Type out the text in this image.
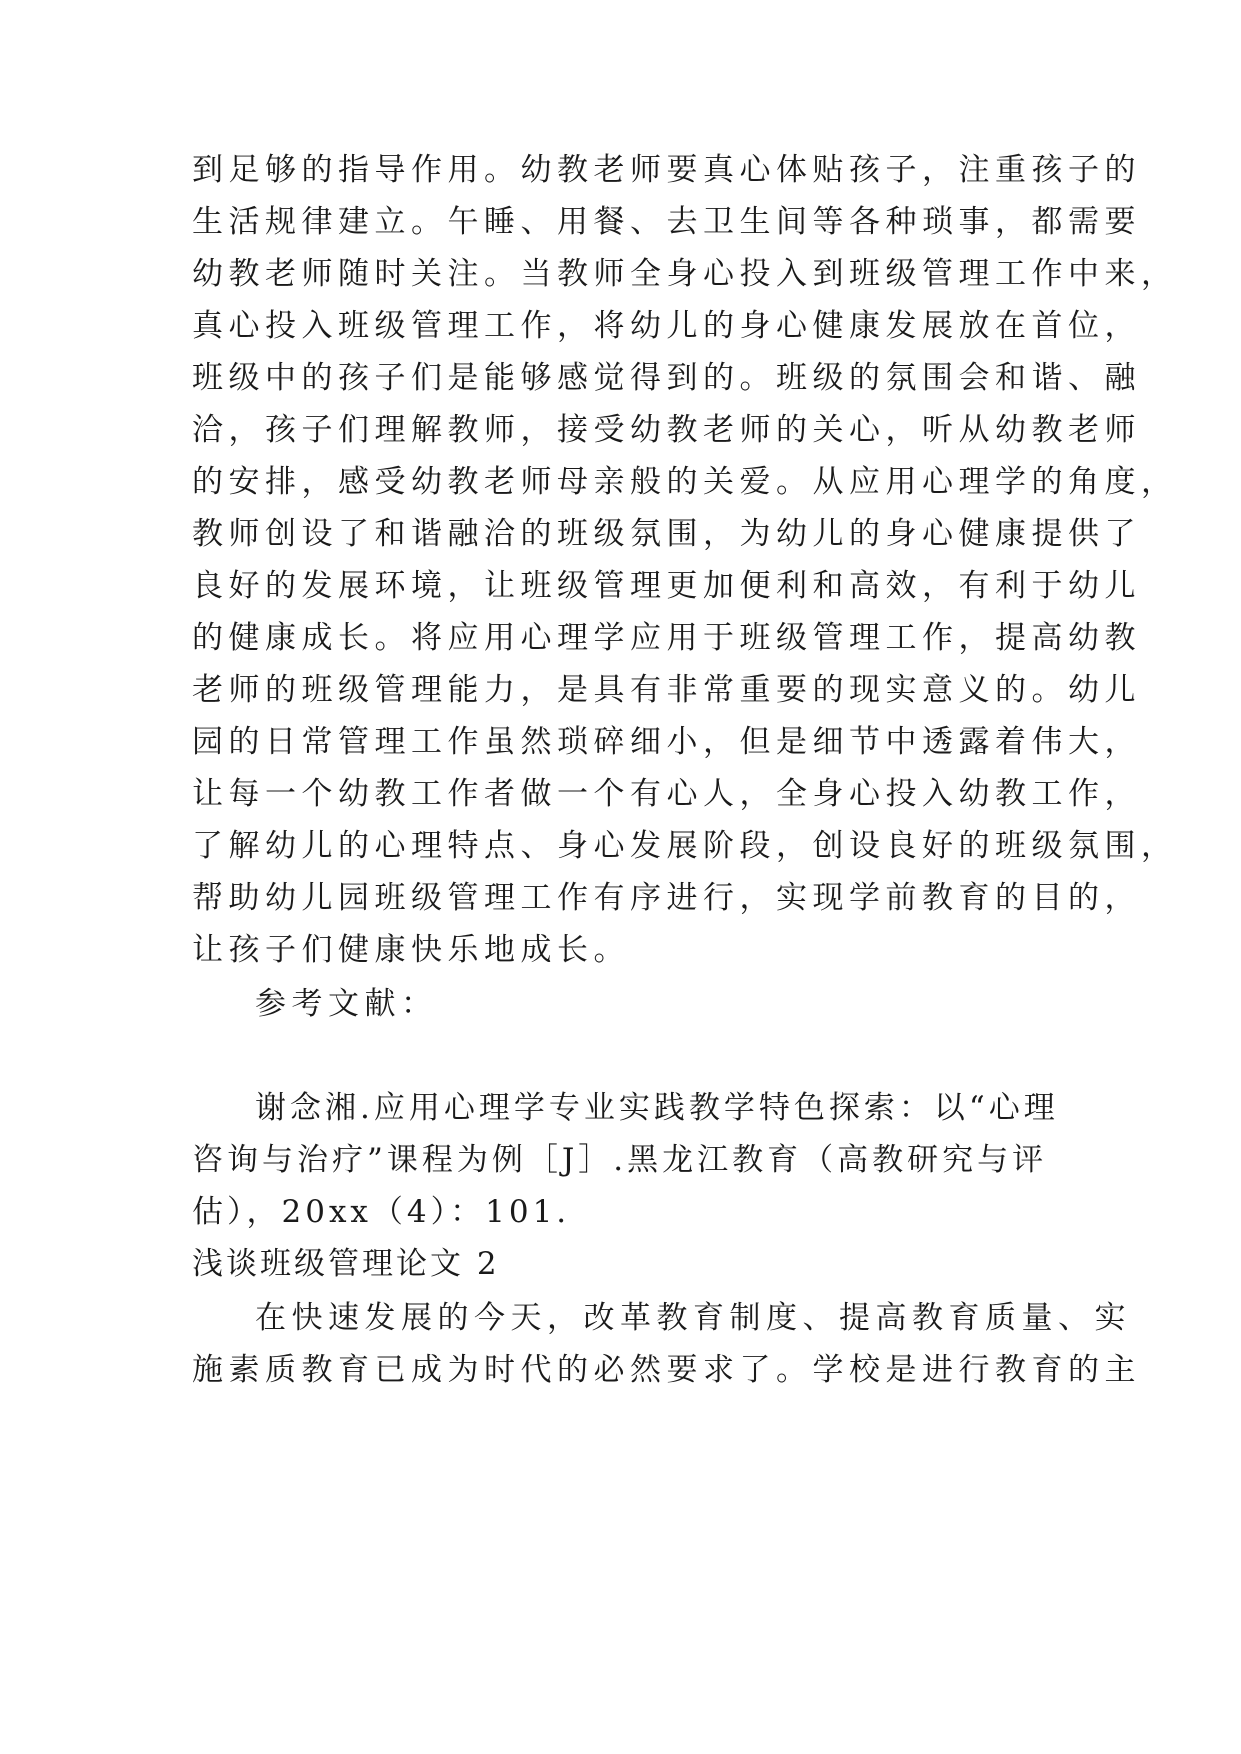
到足够的指导作用。幼教老师要真心体贴孩子，注重孩子的
生活规律建立。午睡、用餐、去卫生间等各种琐事，都需要
幼教老师随时关注。当教师全身心投入到班级管理工作中来，
真心投入班级管理工作，将幼儿的身心健康发展放在首位，
班级中的孩子们是能够感觉得到的。班级的氛围会和谐、融
洽，孩子们理解教师，接受幼教老师的关心，听从幼教老师
的安排，感受幼教老师母亲般的关爱。从应用心理学的角度，
教师创设了和谐融洽的班级氛围，为幼儿的身心健康提供了
良好的发展环境，让班级管理更加便利和高效，有利于幼儿
的健康成长。将应用心理学应用于班级管理工作，提高幼教
老师的班级管理能力，是具有非常重要的现实意义的。幼儿
园的日常管理工作虽然琐碎细小，但是细节中透露着伟大，
让每一个幼教工作者做一个有心人，全身心投入幼教工作，
了解幼儿的心理特点、身心发展阶段，创设良好的班级氛围，
帮助幼儿园班级管理工作有序进行，实现学前教育的目的，
让孩子们健康快乐地成长。
参考文献：
谢念湘.应用心理学专业实践教学特色探索：以“心理
咨询与治疗”课程为例［J］.黑龙江教育（高教研究与评
估），20xx（4）：101.
浅谈班级管理论文 2
在快速发展的今天，改革教育制度、提高教育质量、实
施素质教育已成为时代的必然要求了。学校是进行教育的主
